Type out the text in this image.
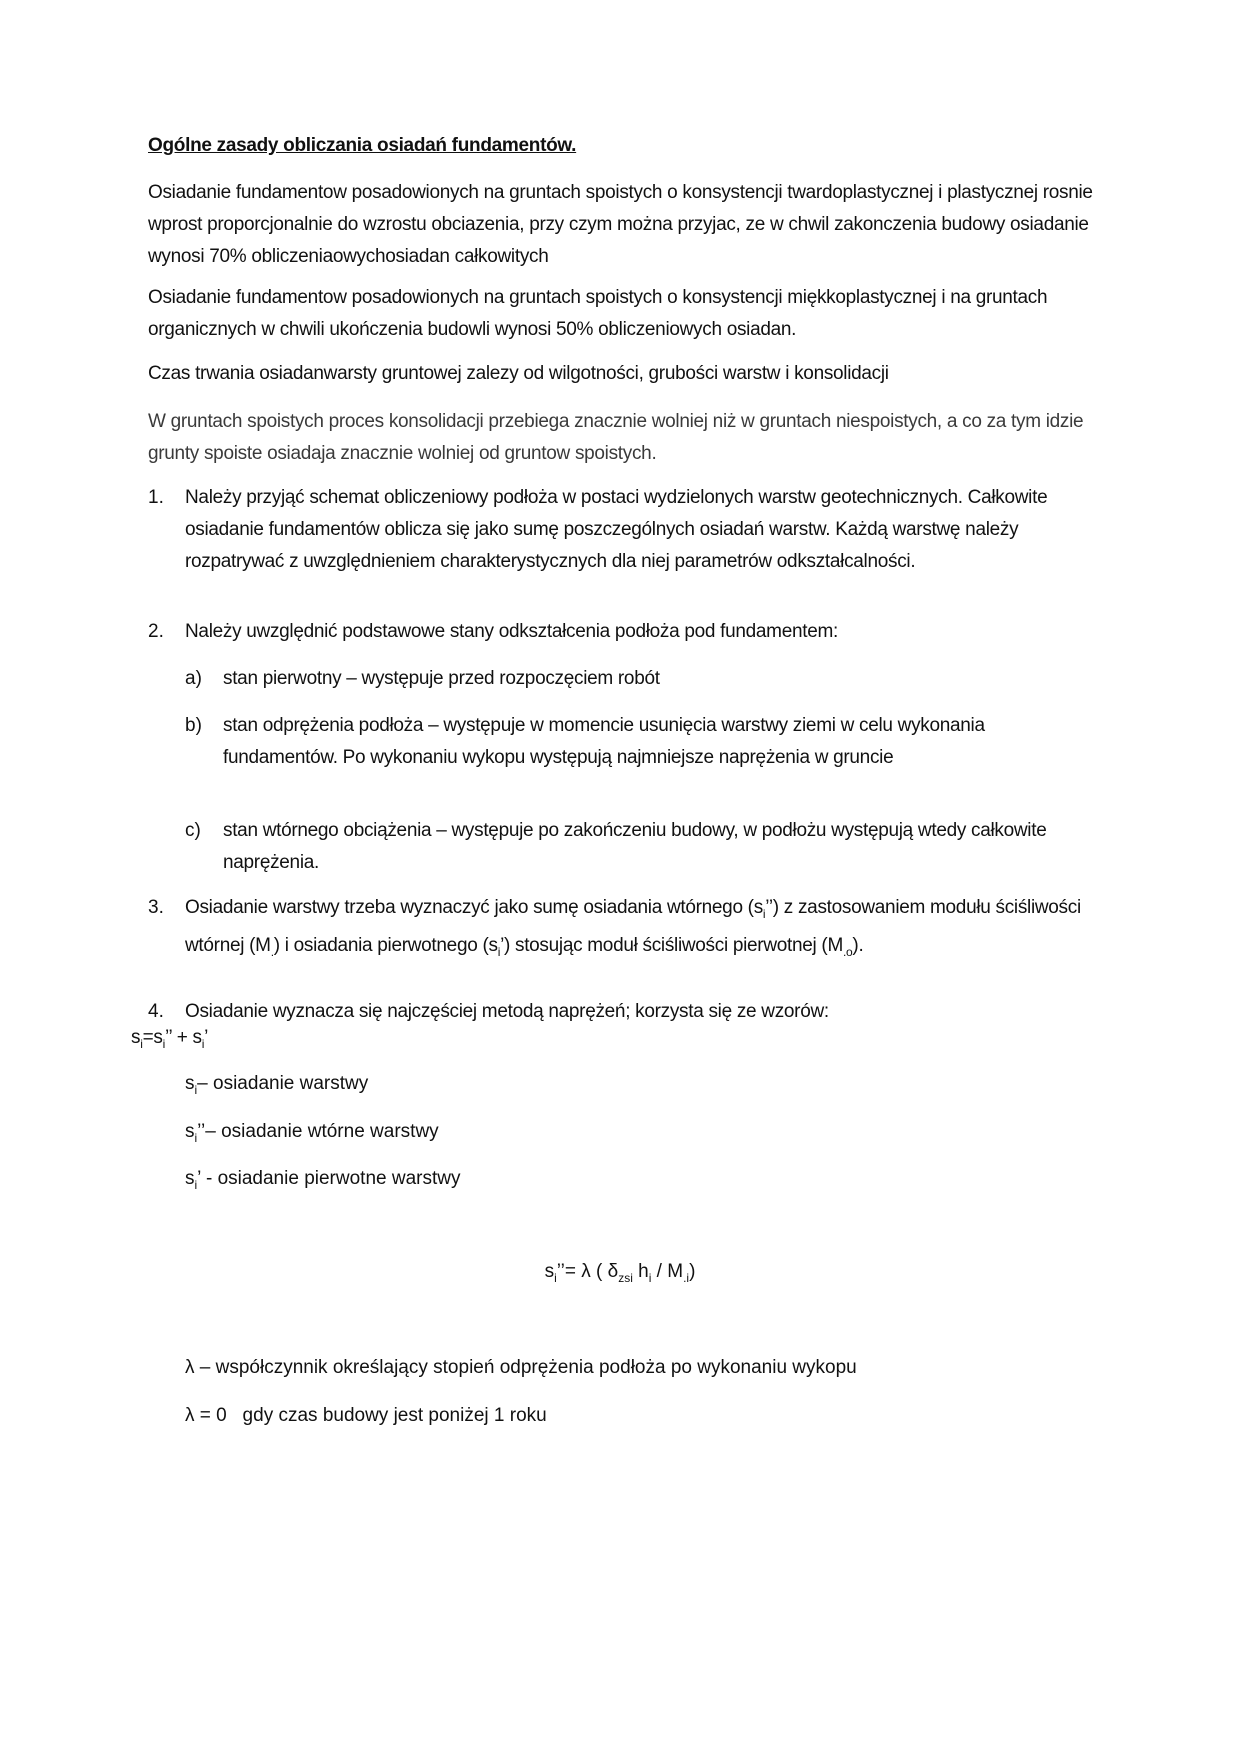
Ogólne zasady obliczania osiadań fundamentów.
Osiadanie fundamentow posadowionych na gruntach spoistych o konsystencji twardoplastycznej i plastycznej rosnie wprost proporcjonalnie do wzrostu obciazenia, przy czym można przyjac, ze w chwil zakonczenia budowy osiadanie wynosi 70% obliczeniaowychosiadan całkowitych
Osiadanie fundamentow posadowionych na gruntach spoistych o konsystencji miękkoplastycznej i na gruntach organicznych w chwili ukończenia budowli wynosi 50% obliczeniowych osiadan.
Czas trwania osiadanwarsty gruntowej zalezy od wilgotności, grubości warstw i konsolidacji
W gruntach spoistych proces konsolidacji przebiega znacznie wolniej niż w gruntach niespoistych, a co za tym idzie grunty spoiste osiadaja znacznie wolniej od gruntow spoistych.
1. Należy przyjąć schemat obliczeniowy podłoża w postaci wydzielonych warstw geotechnicznych. Całkowite osiadanie fundamentów oblicza się jako sumę poszczególnych osiadań warstw. Każdą warstwę należy rozpatrywać z uwzględnieniem charakterystycznych dla niej parametrów odkształcalności.
2. Należy uwzględnić podstawowe stany odkształcenia podłoża pod fundamentem:
a) stan pierwotny – występuje przed rozpoczęciem robót
b) stan odprężenia podłoża – występuje w momencie usunięcia warstwy ziemi w celu wykonania fundamentów. Po wykonaniu wykopu występują najmniejsze naprężenia w gruncie
c) stan wtórnego obciążenia – występuje po zakończeniu budowy, w podłożu występują wtedy całkowite naprężenia.
3. Osiadanie warstwy trzeba wyznaczyć jako sumę osiadania wtórnego $(s_i’’)$ z zastosowaniem modułu ściśliwości wtórnej $(M_.)$ i osiadania pierwotnego $(s_i’)$ stosując moduł ściśliwości pierwotnej $(M_{.o})$.
4. Osiadanie wyznacza się najczęściej metodą naprężeń; korzysta się ze wzorów:
$s_i=s_i$’’ + $s_i$’
$s_i-$ osiadanie warstwy
$s_i’’-$ osiadanie wtórne warstwy
$s_i$’ - osiadanie pierwotne warstwy
$s_i’’= \lambda$ ( $\delta_{zsi}$ $h_i / M_{.i}$)
λ – współczynnik określający stopień odprężenia podłoża po wykonaniu wykopu
λ = 0   gdy czas budowy jest poniżej 1 roku
